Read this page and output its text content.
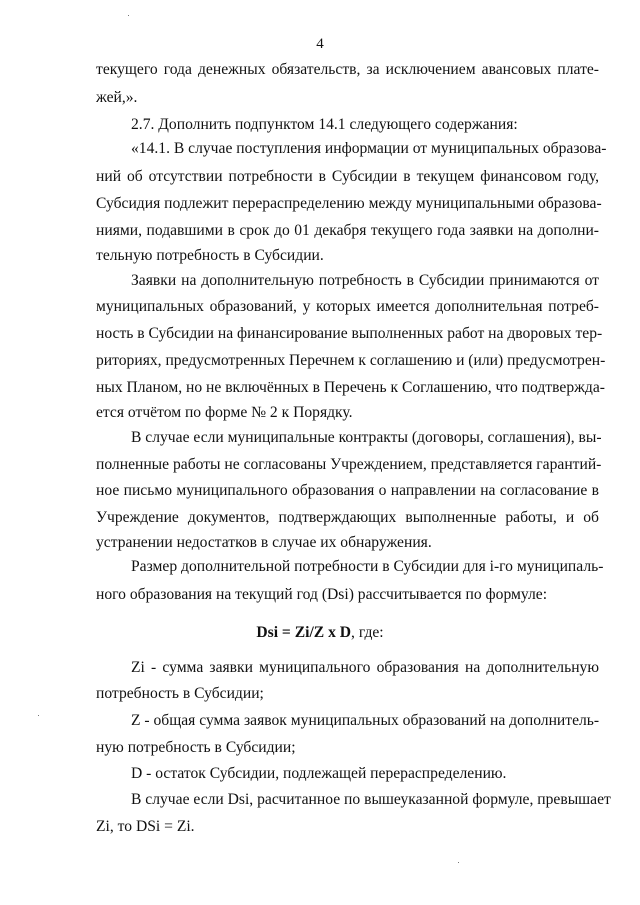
4
текущего года денежных обязательств, за исключением авансовых плате-
жей,».
2.7. Дополнить подпунктом 14.1 следующего содержания:
«14.1. В случае поступления информации от муниципальных образова-
ний об отсутствии потребности в Субсидии в текущем финансовом году,
Субсидия подлежит перераспределению между муниципальными образова-
ниями, подавшими в срок до 01 декабря текущего года заявки на дополни-
тельную потребность в Субсидии.
Заявки на дополнительную потребность в Субсидии принимаются от
муниципальных образований, у которых имеется дополнительная потреб-
ность в Субсидии на финансирование выполненных работ на дворовых тер-
риториях, предусмотренных Перечнем к соглашению и (или) предусмотрен-
ных Планом, но не включённых в Перечень к Соглашению, что подтвержда-
ется отчётом по форме № 2 к Порядку.
В случае если муниципальные контракты (договоры, соглашения), вы-
полненные работы не согласованы Учреждением, представляется гарантий-
ное письмо муниципального образования о направлении на согласование в
Учреждение документов, подтверждающих выполненные работы, и об
устранении недостатков в случае их обнаружения.
Размер дополнительной потребности в Субсидии для i-го муниципаль-
ного образования на текущий год (Dsi) рассчитывается по формуле:
Dsi = Zi/Z x D, где:
Zi - сумма заявки муниципального образования на дополнительную
потребность в Субсидии;
Z - общая сумма заявок муниципальных образований на дополнитель-
ную потребность в Субсидии;
D - остаток Субсидии, подлежащей перераспределению.
В случае если Dsi, расчитанное по вышеуказанной формуле, превышает
Zi, то DSi = Zi.
